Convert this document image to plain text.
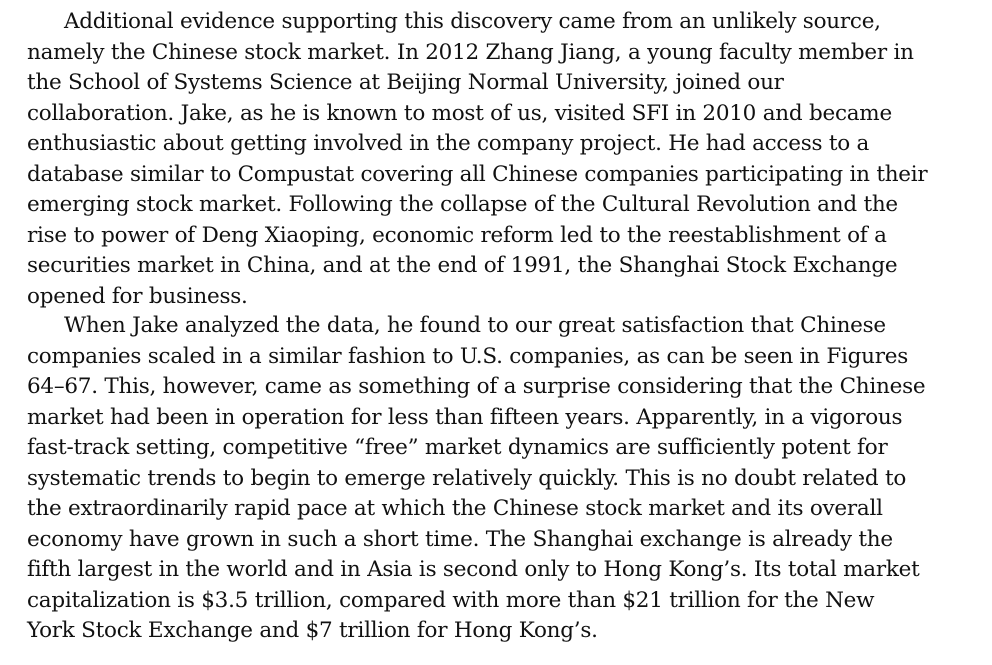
Additional evidence supporting this discovery came from an unlikely source,
namely the Chinese stock market. In 2012 Zhang Jiang, a young faculty member in
the School of Systems Science at Beijing Normal University, joined our
collaboration. Jake, as he is known to most of us, visited SFI in 2010 and became
enthusiastic about getting involved in the company project. He had access to a
database similar to Compustat covering all Chinese companies participating in their
emerging stock market. Following the collapse of the Cultural Revolution and the
rise to power of Deng Xiaoping, economic reform led to the reestablishment of a
securities market in China, and at the end of 1991, the Shanghai Stock Exchange
opened for business.
When Jake analyzed the data, he found to our great satisfaction that Chinese
companies scaled in a similar fashion to U.S. companies, as can be seen in Figures
64–67. This, however, came as something of a surprise considering that the Chinese
market had been in operation for less than fifteen years. Apparently, in a vigorous
fast-track setting, competitive “free” market dynamics are sufficiently potent for
systematic trends to begin to emerge relatively quickly. This is no doubt related to
the extraordinarily rapid pace at which the Chinese stock market and its overall
economy have grown in such a short time. The Shanghai exchange is already the
fifth largest in the world and in Asia is second only to Hong Kong’s. Its total market
capitalization is $3.5 trillion, compared with more than $21 trillion for the New
York Stock Exchange and $7 trillion for Hong Kong’s.
